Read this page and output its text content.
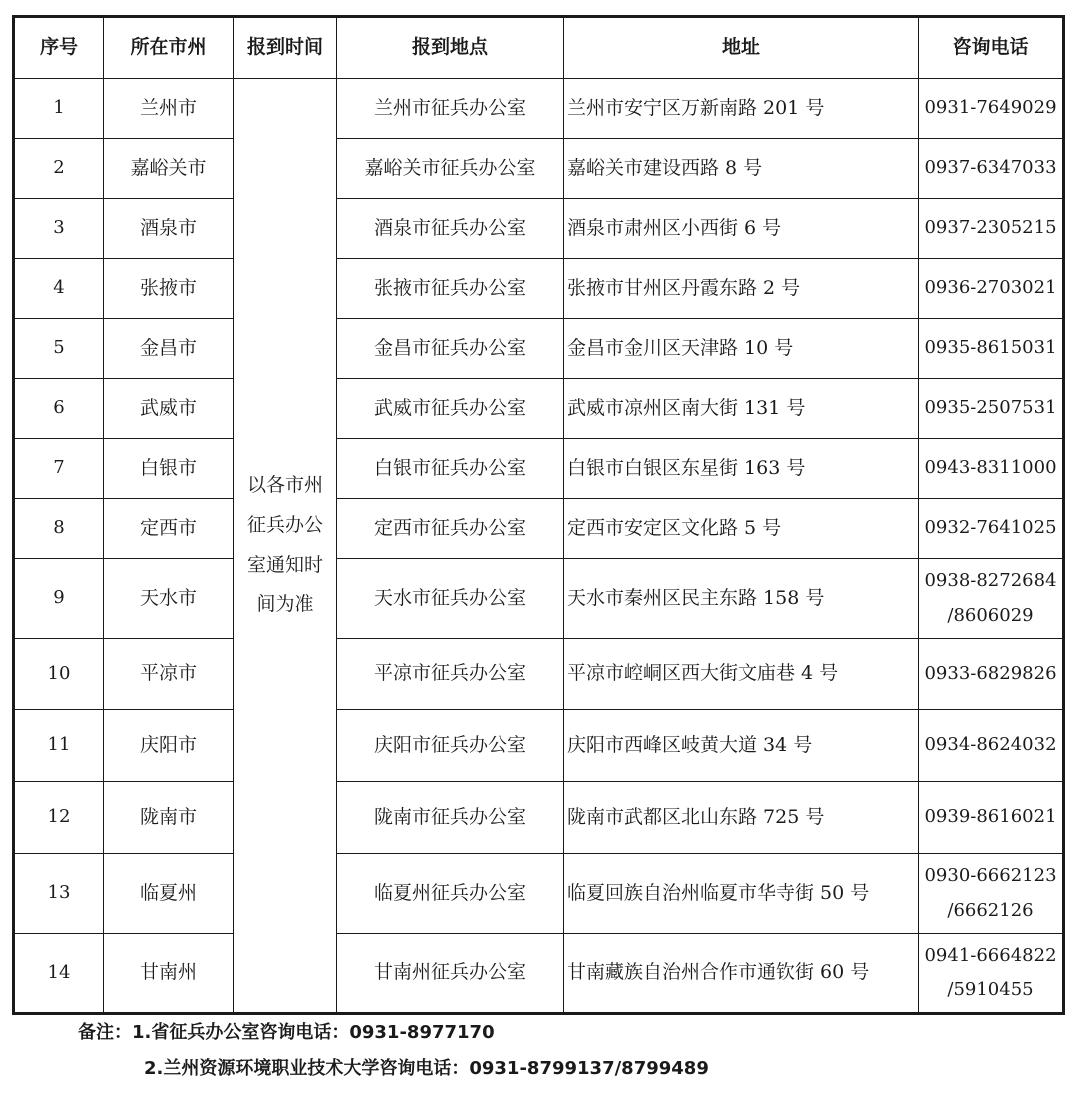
序号	所在市州	报到时间	报到地点	地址	咨询电话
1	兰州市	以各市州
征兵办公
室通知时
间为准	兰州市征兵办公室	兰州市安宁区万新南路 201 号	0931-7649029

2	嘉峪关市		嘉峪关市征兵办公室	嘉峪关市建设西路 8 号	0937-6347033

3	酒泉市		酒泉市征兵办公室	酒泉市肃州区小西街 6 号	0937-2305215

4	张掖市		张掖市征兵办公室	张掖市甘州区丹霞东路 2 号	0936-2703021

5	金昌市		金昌市征兵办公室	金昌市金川区天津路 10 号	0935-8615031

6	武威市		武威市征兵办公室	武威市凉州区南大街 131 号	0935-2507531

7	白银市		白银市征兵办公室	白银市白银区东星街 163 号	0943-8311000

8	定西市		定西市征兵办公室	定西市安定区文化路 5 号	0932-7641025

9	天水市		天水市征兵办公室	天水市秦州区民主东路 158 号	0938-8272684
/8606029

10	平凉市		平凉市征兵办公室	平凉市崆峒区西大街文庙巷 4 号	0933-6829826

11	庆阳市		庆阳市征兵办公室	庆阳市西峰区岐黄大道 34 号	0934-8624032

12	陇南市		陇南市征兵办公室	陇南市武都区北山东路 725 号	0939-8616021

13	临夏州		临夏州征兵办公室	临夏回族自治州临夏市华寺街 50 号	0930-6662123
/6662126

14	甘南州		甘南州征兵办公室	甘南藏族自治州合作市通钦街 60 号	0941-6664822
/5910455
备注：1.省征兵办公室咨询电话：0931-8977170
2.兰州资源环境职业技术大学咨询电话：0931-8799137/8799489
